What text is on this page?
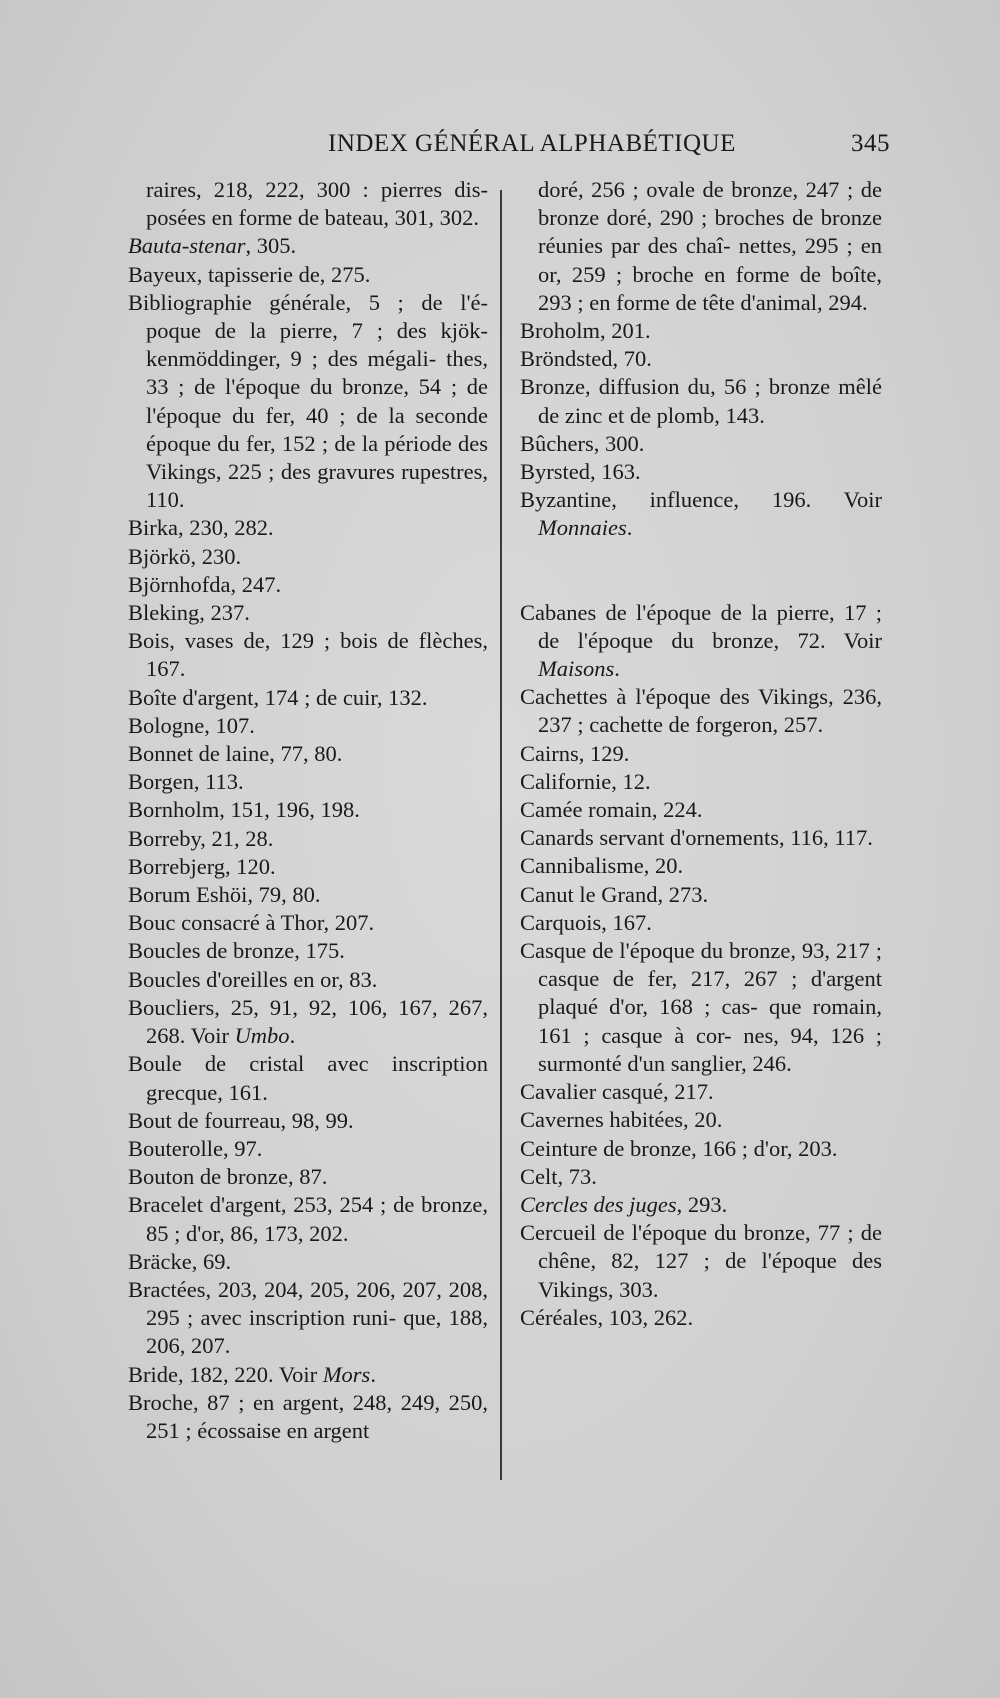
INDEX GÉNÉRAL ALPHABÉTIQUE	345

raires, 218, 222, 300 : pierres dis- posées en forme de bateau, 301, 302.

Bauta-stenar, 305.

Bayeux, tapisserie de, 275.

Bibliographie générale, 5 ; de l'é- poque de la pierre, 7 ; des kjök- kenmöddinger, 9 ; des mégali- thes, 33 ; de l'époque du bronze, 54 ; de l'époque du fer, 40 ; de la seconde époque du fer, 152 ; de la période des Vikings, 225 ; des gravures rupestres, 110.

Birka, 230, 282.

Björkö, 230.

Björnhofda, 247.

Bleking, 237.

Bois, vases de, 129 ; bois de flèches, 167.

Boîte d'argent, 174 ; de cuir, 132.

Bologne, 107.

Bonnet de laine, 77, 80.

Borgen, 113.

Bornholm, 151, 196, 198.

Borreby, 21, 28.

Borrebjerg, 120.

Borum Eshöi, 79, 80.

Bouc consacré à Thor, 207.

Boucles de bronze, 175.

Boucles d'oreilles en or, 83.

Boucliers, 25, 91, 92, 106, 167, 267, 268. Voir Umbo.

Boule de cristal avec inscription grecque, 161.

Bout de fourreau, 98, 99.

Bouterolle, 97.

Bouton de bronze, 87.

Bracelet d'argent, 253, 254 ; de bronze, 85 ; d'or, 86, 173, 202.

Bräcke, 69.

Bractées, 203, 204, 205, 206, 207, 208, 295 ; avec inscription runi- que, 188, 206, 207.

Bride, 182, 220. Voir Mors.

Broche, 87 ; en argent, 248, 249, 250, 251 ; écossaise en argent

doré, 256 ; ovale de bronze, 247 ; de bronze doré, 290 ; broches de bronze réunies par des chaî- nettes, 295 ; en or, 259 ; broche en forme de boîte, 293 ; en forme de tête d'animal, 294.

Broholm, 201.

Bröndsted, 70.

Bronze, diffusion du, 56 ; bronze mêlé de zinc et de plomb, 143.

Bûchers, 300.

Byrsted, 163.

Byzantine, influence, 196. Voir Monnaies.

Cabanes de l'époque de la pierre, 17 ; de l'époque du bronze, 72. Voir Maisons.

Cachettes à l'époque des Vikings, 236, 237 ; cachette de forgeron, 257.

Cairns, 129.

Californie, 12.

Camée romain, 224.

Canards servant d'ornements, 116, 117.

Cannibalisme, 20.

Canut le Grand, 273.

Carquois, 167.

Casque de l'époque du bronze, 93, 217 ; casque de fer, 217, 267 ; d'argent plaqué d'or, 168 ; cas- que romain, 161 ; casque à cor- nes, 94, 126 ; surmonté d'un sanglier, 246.

Cavalier casqué, 217.

Cavernes habitées, 20.

Ceinture de bronze, 166 ; d'or, 203.

Celt, 73.

Cercles des juges, 293.

Cercueil de l'époque du bronze, 77 ; de chêne, 82, 127 ; de l'époque des Vikings, 303.

Céréales, 103, 262.
